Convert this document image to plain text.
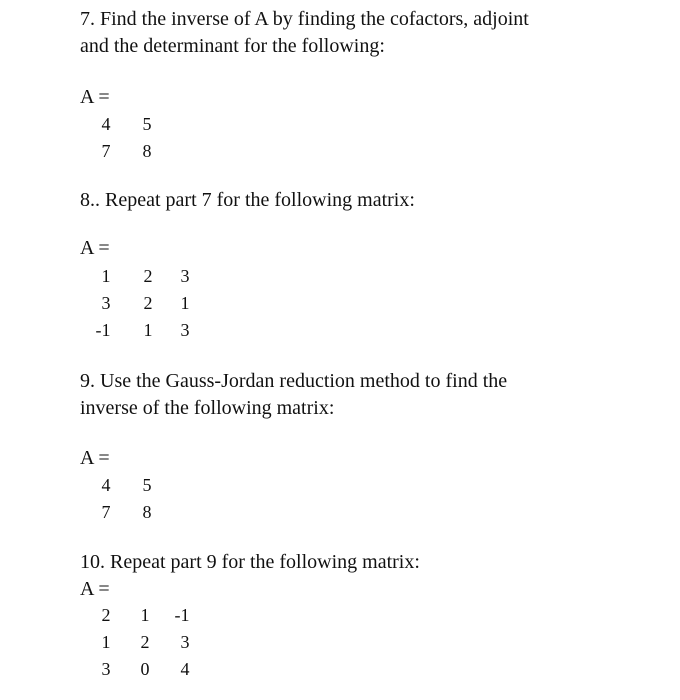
7. Find the inverse of A by finding the cofactors, adjoint
and the determinant for the following:
A =
4	5
7	8
8.. Repeat part 7 for the following matrix:
A =
1	2	3
3	2	1
-1	1	3
9. Use the Gauss-Jordan reduction method to find the
inverse of the following matrix:
A =
4	5
7	8
10. Repeat part 9 for the following matrix:
A =
2	1	-1
1	2	3
3	0	4
